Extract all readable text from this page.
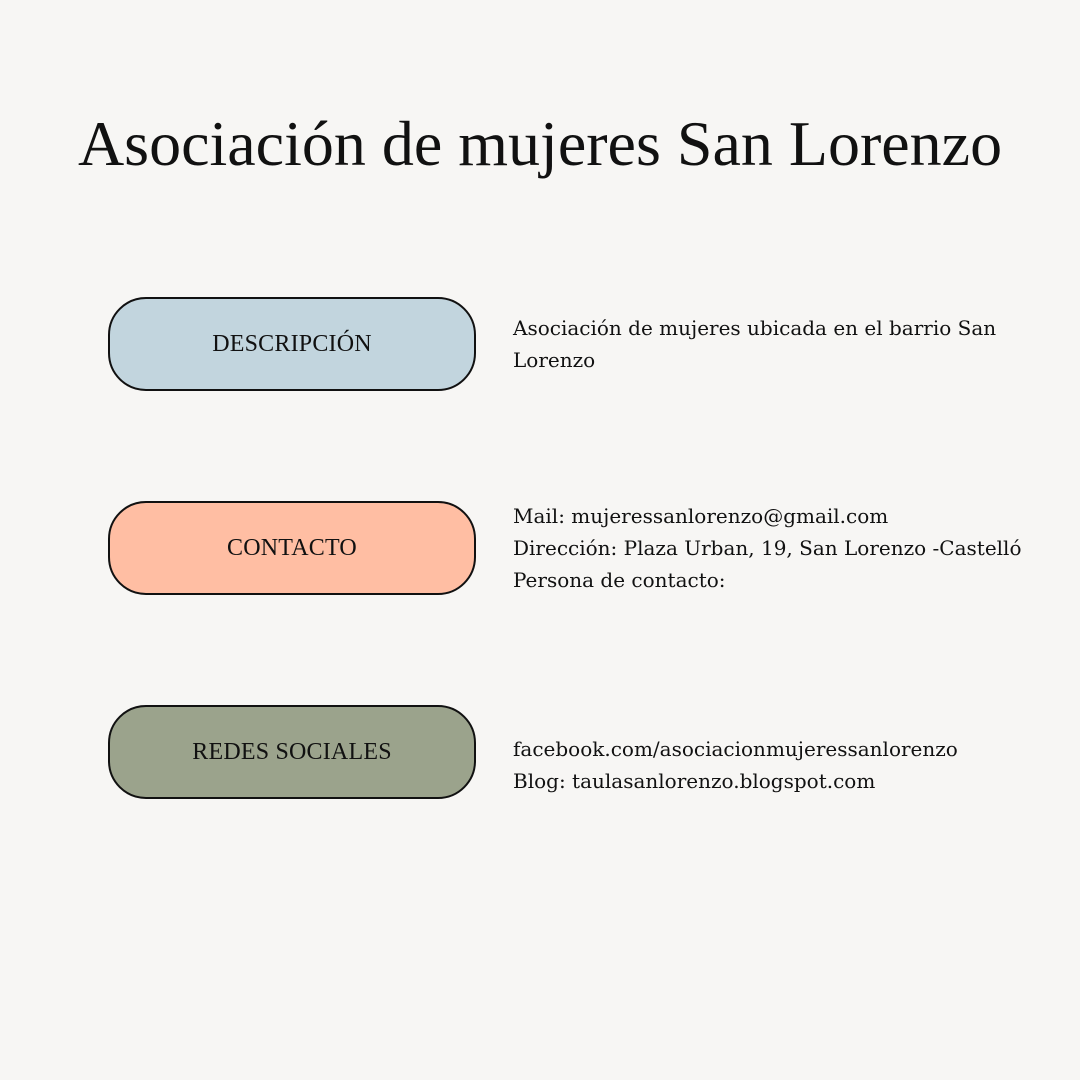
Asociación de mujeres San Lorenzo
DESCRIPCIÓN
Asociación de mujeres ubicada en el barrio San Lorenzo
CONTACTO
Mail: mujeressanlorenzo@gmail.com
Dirección: Plaza Urban, 19, San Lorenzo -Castelló
Persona de contacto:
REDES SOCIALES	facebook.com/asociacionmujeressanlorenzo
Blog: taulasanlorenzo.blogspot.com
